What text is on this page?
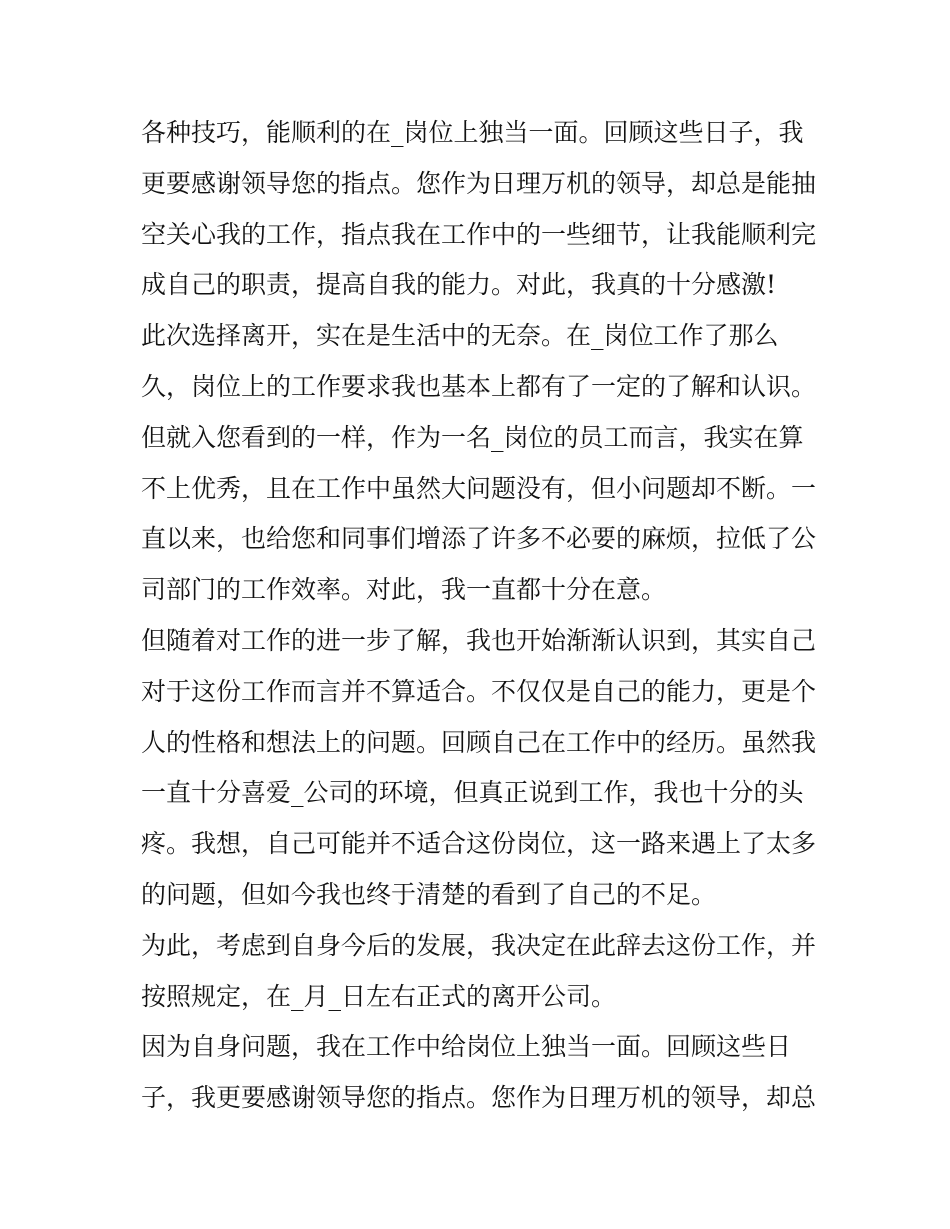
各种技巧，能顺利的在_岗位上独当一面。回顾这些日子，我
更要感谢领导您的指点。您作为日理万机的领导，却总是能抽
空关心我的工作，指点我在工作中的一些细节，让我能顺利完
成自己的职责，提高自我的能力。对此，我真的十分感激!
此次选择离开，实在是生活中的无奈。在_岗位工作了那么
久，岗位上的工作要求我也基本上都有了一定的了解和认识。
但就入您看到的一样，作为一名_岗位的员工而言，我实在算
不上优秀，且在工作中虽然大问题没有，但小问题却不断。一
直以来，也给您和同事们增添了许多不必要的麻烦，拉低了公
司部门的工作效率。对此，我一直都十分在意。
但随着对工作的进一步了解，我也开始渐渐认识到，其实自己
对于这份工作而言并不算适合。不仅仅是自己的能力，更是个
人的性格和想法上的问题。回顾自己在工作中的经历。虽然我
一直十分喜爱_公司的环境，但真正说到工作，我也十分的头
疼。我想，自己可能并不适合这份岗位，这一路来遇上了太多
的问题，但如今我也终于清楚的看到了自己的不足。
为此，考虑到自身今后的发展，我决定在此辞去这份工作，并
按照规定，在_月_日左右正式的离开公司。
因为自身问题，我在工作中给岗位上独当一面。回顾这些日
子，我更要感谢领导您的指点。您作为日理万机的领导，却总
